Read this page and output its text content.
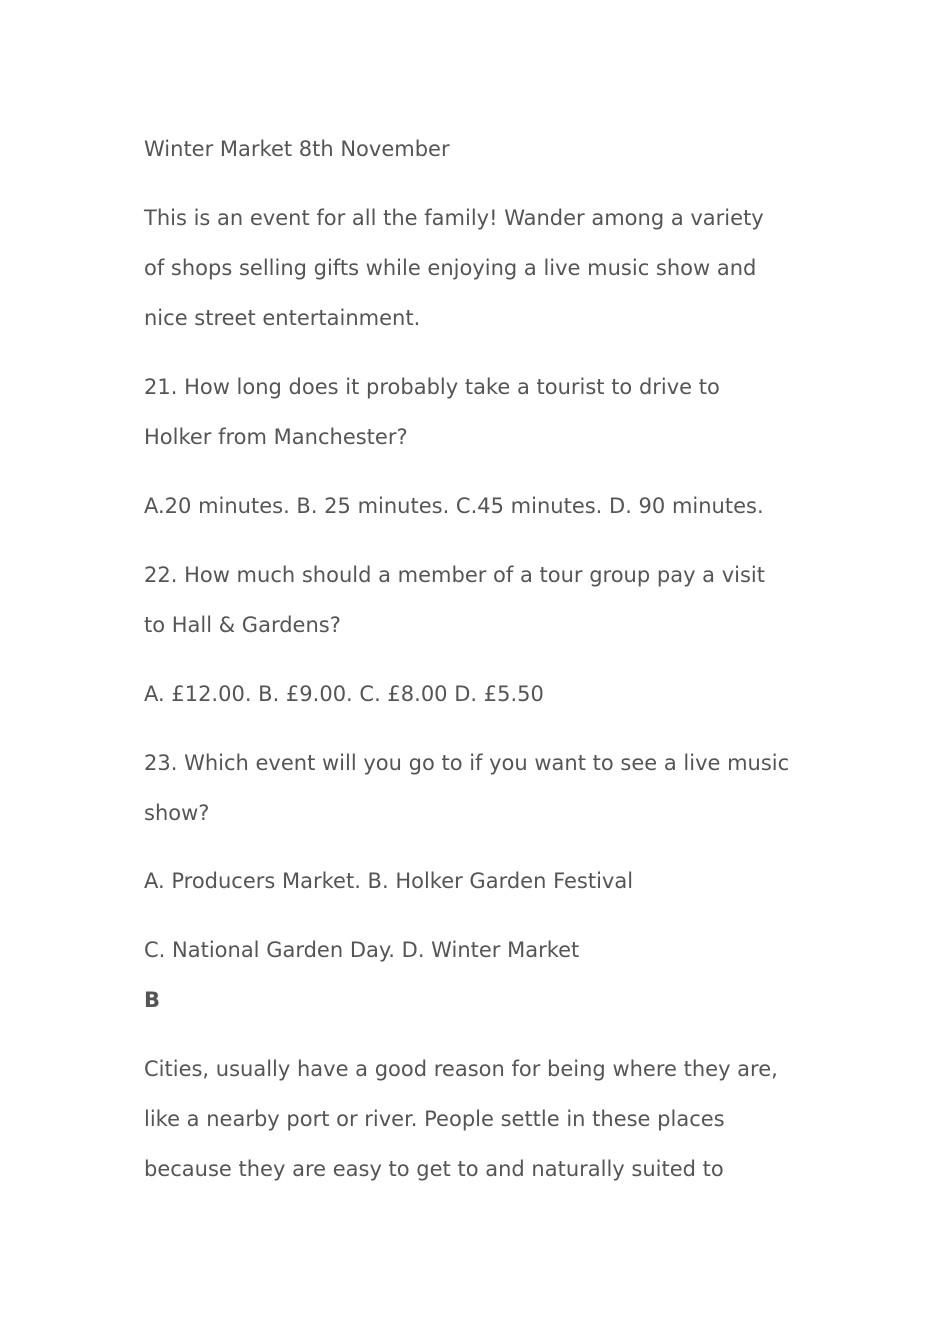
Winter Market 8th November

This is an event for all the family! Wander among a variety

of shops selling gifts while enjoying a live music show and

nice street entertainment.

21. How long does it probably take a tourist to drive to

Holker from Manchester?

A.20 minutes. B. 25 minutes. C.45 minutes. D. 90 minutes.

22. How much should a member of a tour group pay a visit

to Hall & Gardens?

A. £12.00. B. £9.00. C. £8.00 D. £5.50

23. Which event will you go to if you want to see a live music

show?

A. Producers Market. B. Holker Garden Festival

C. National Garden Day. D. Winter Market

B

Cities, usually have a good reason for being where they are,

like a nearby port or river. People settle in these places

because they are easy to get to and naturally suited to
